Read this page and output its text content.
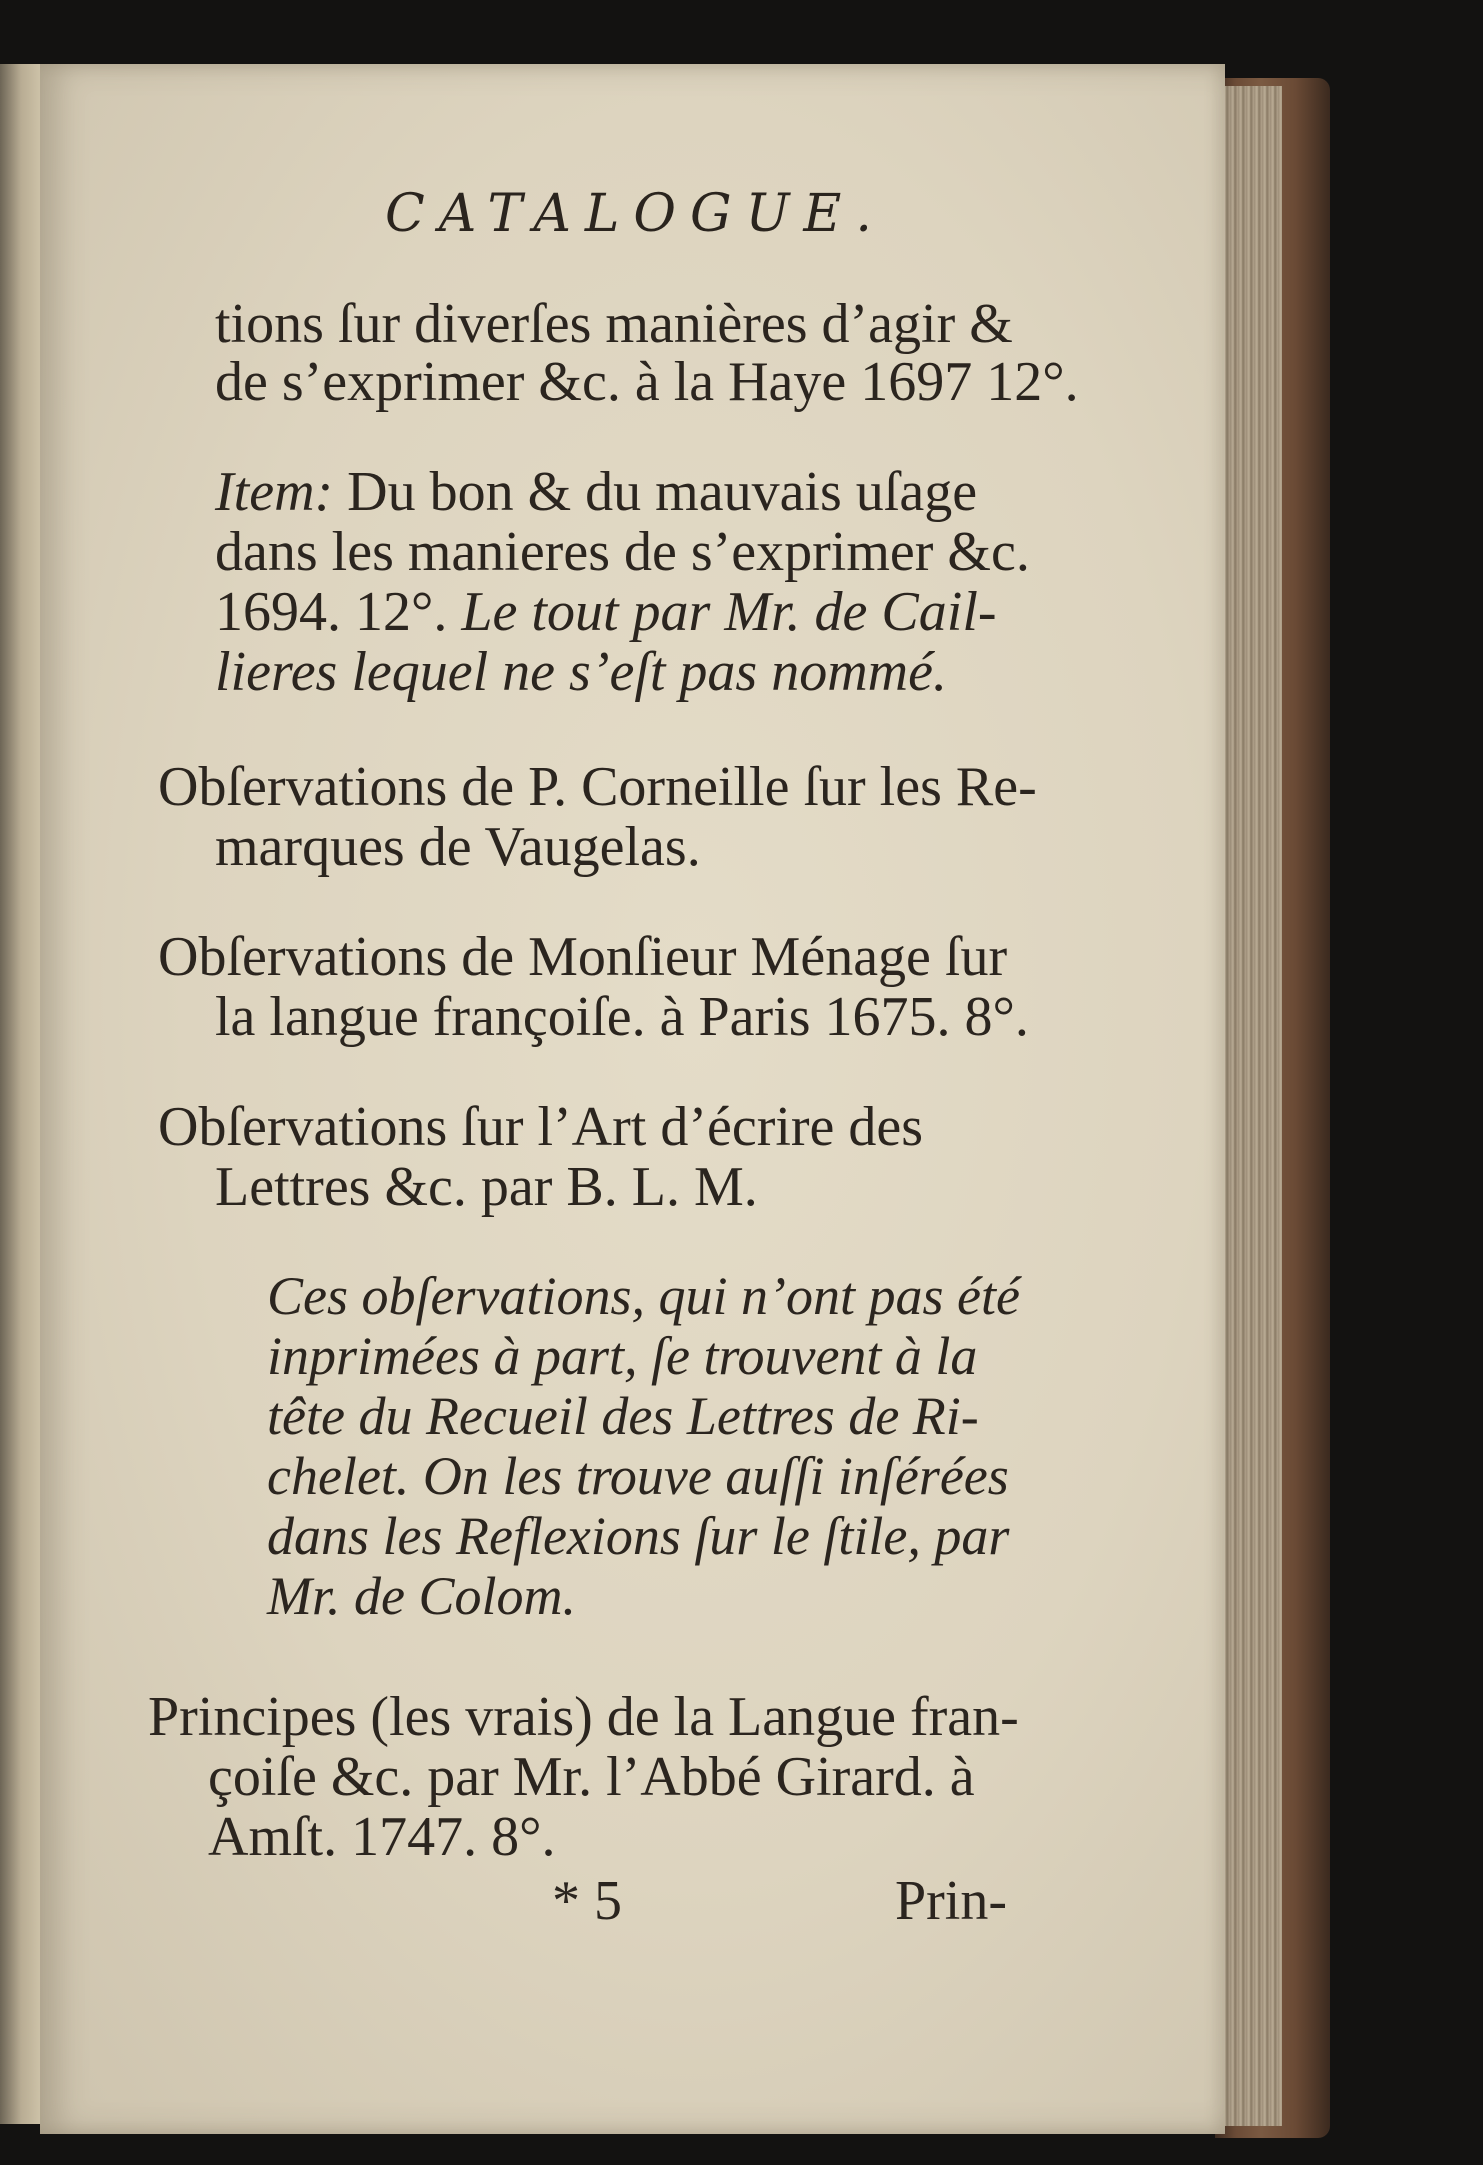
CATALOGUE.
tions ſur diverſes manières d’agir &
de s’exprimer &c. à la Haye 1697 12°.
Item: Du bon & du mauvais uſage
dans les manieres de s’exprimer &c.
1694. 12°. Le tout par Mr. de Cail-
lieres lequel ne s’eſt pas nommé.
Obſervations de P. Corneille ſur les Re-
marques de Vaugelas.
Obſervations de Monſieur Ménage ſur
la langue françoiſe. à Paris 1675. 8°.
Obſervations ſur l’Art d’écrire des
Lettres &c. par B. L. M.
Ces obſervations, qui n’ont pas été
inprimées à part, ſe trouvent à la
tête du Recueil des Lettres de Ri-
chelet. On les trouve auſſi inſérées
dans les Reflexions ſur le ſtile, par
Mr. de Colom.
Principes (les vrais) de la Langue fran-
çoiſe &c. par Mr. l’Abbé Girard. à
Amſt. 1747. 8°.
* 5	Prin-
